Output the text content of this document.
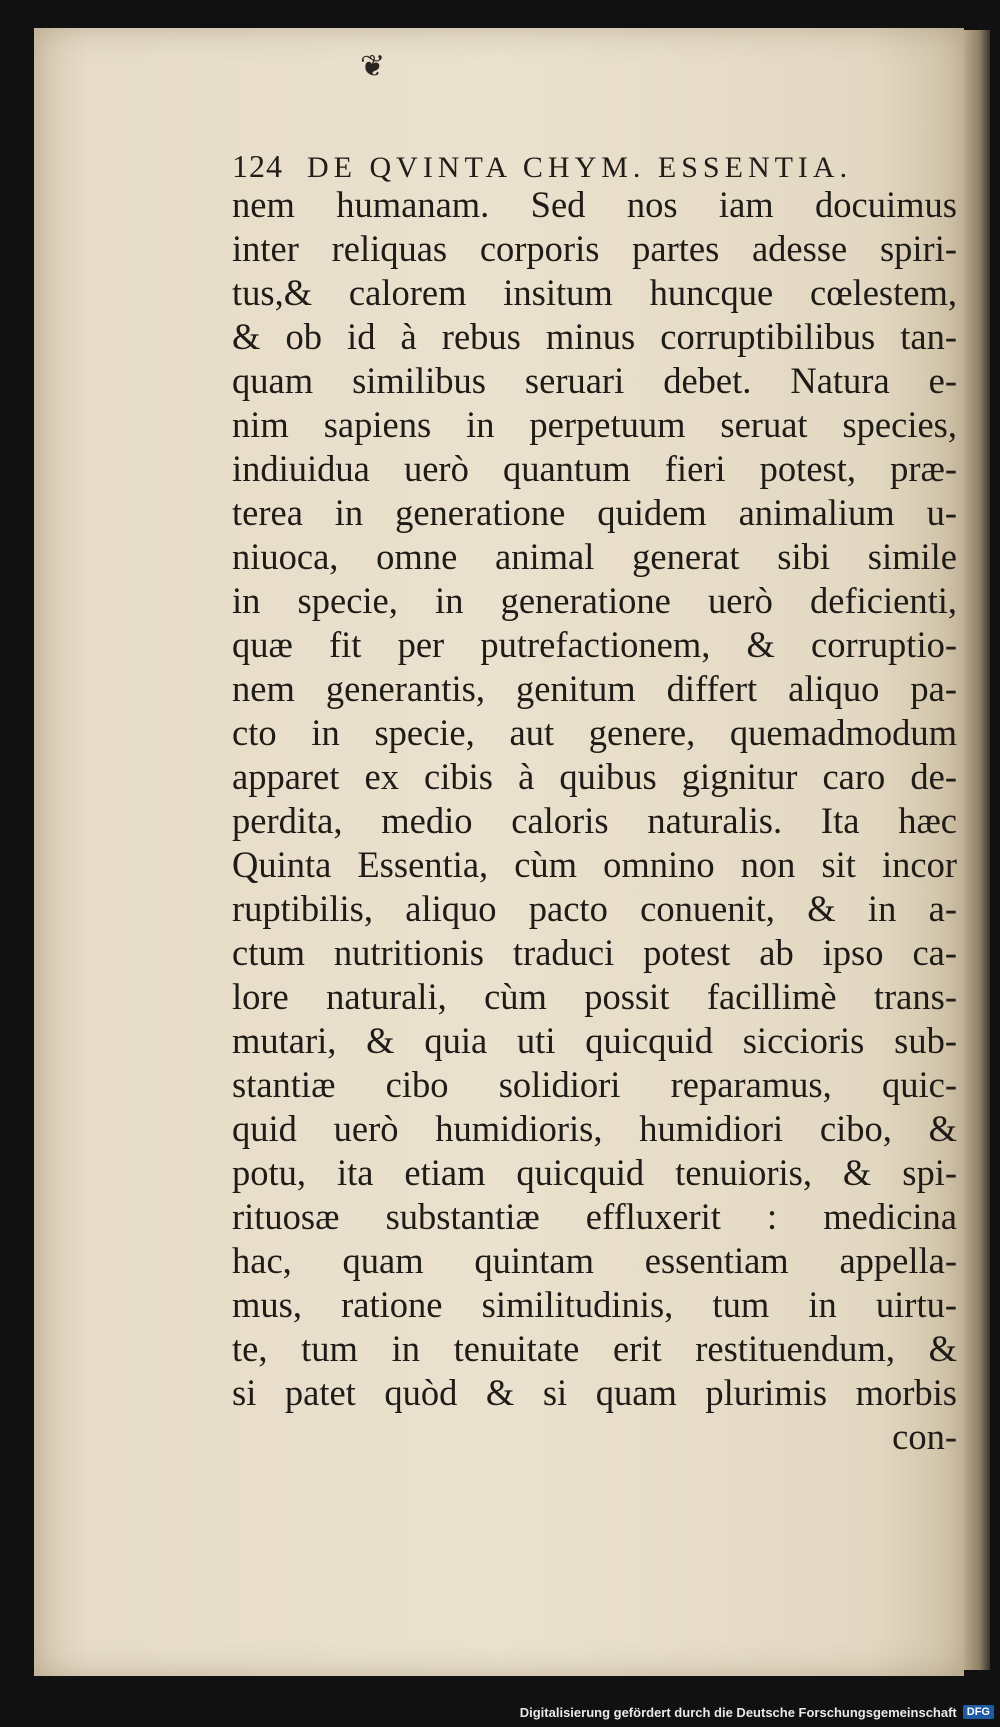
❦
124 DE QVINTA CHYM. ESSENTIA.
nem humanam. Sed nos iam docuimus
inter reliquas corporis partes adesse spiri-
tus,& calorem insitum huncque cœlestem,
& ob id à rebus minus corruptibilibus tan-
quam similibus seruari debet. Natura e-
nim sapiens in perpetuum seruat species,
indiuidua uerò quantum fieri potest, præ-
terea in generatione quidem animalium u-
niuoca, omne animal generat sibi simile
in specie, in generatione uerò deficienti,
quæ fit per putrefactionem, & corruptio-
nem generantis, genitum differt aliquo pa-
cto in specie, aut genere, quemadmodum
apparet ex cibis à quibus gignitur caro de-
perdita, medio caloris naturalis. Ita hæc
Quinta Essentia, cùm omnino non sit incor
ruptibilis, aliquo pacto conuenit, & in a-
ctum nutritionis traduci potest ab ipso ca-
lore naturali, cùm possit facillimè trans-
mutari, & quia uti quicquid siccioris sub-
stantiæ cibo solidiori reparamus, quic-
quid uerò humidioris, humidiori cibo, &
potu, ita etiam quicquid tenuioris, & spi-
rituosæ substantiæ effluxerit : medicina
hac, quam quintam essentiam appella-
mus, ratione similitudinis, tum in uirtu-
te, tum in tenuitate erit restituendum, &
si patet quòd & si quam plurimis morbis
con-
Digitalisierung gefördert durch die Deutsche Forschungsgemeinschaft DFG
